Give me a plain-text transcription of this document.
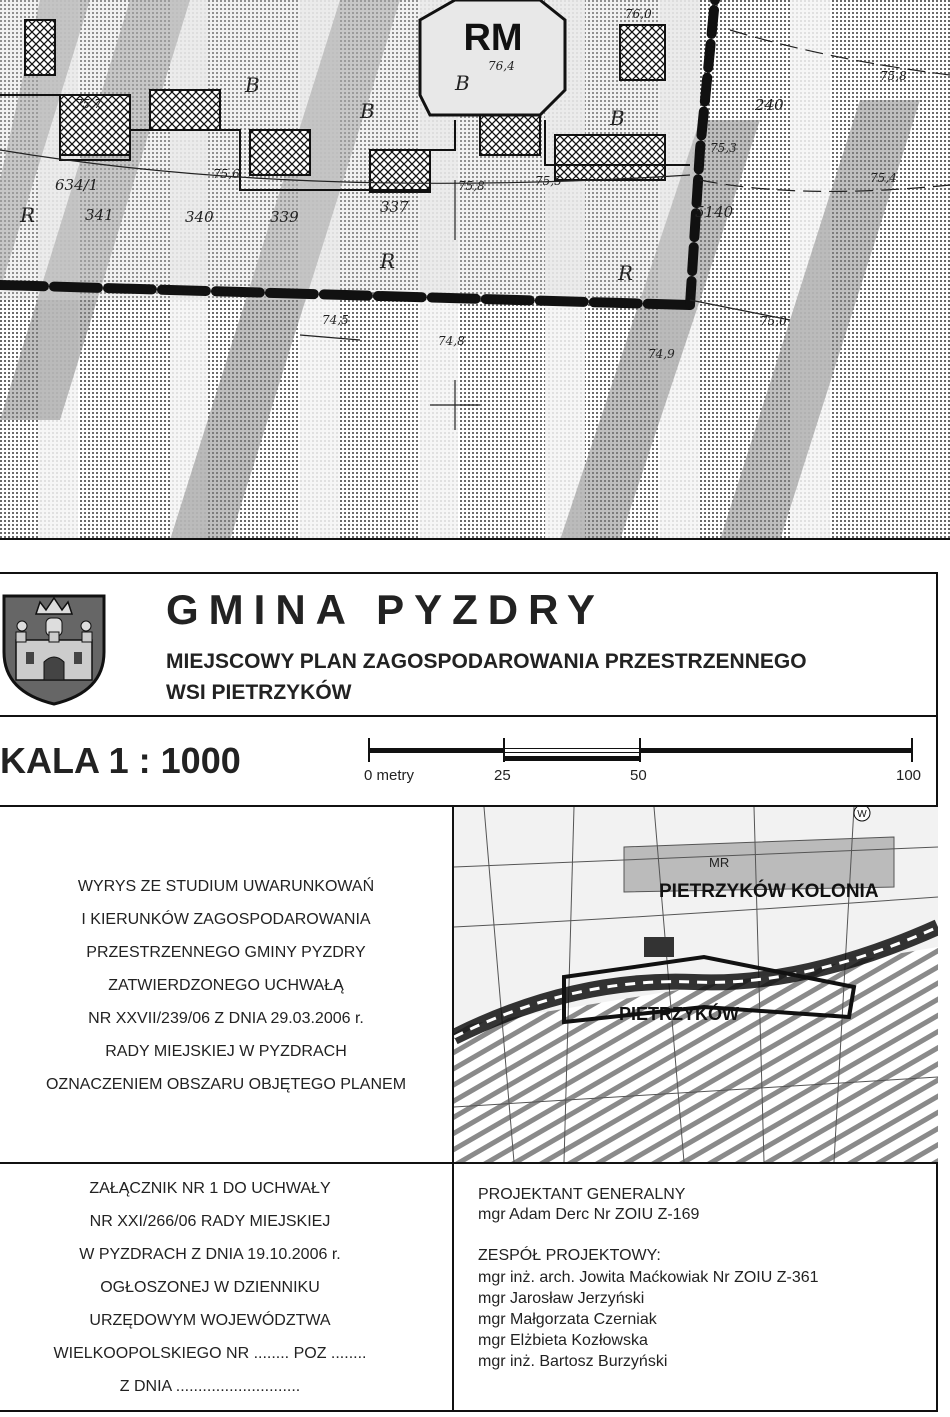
RM
B
B	B
B
R
R	R
240
341	340	339
337	5140
634/1
76,0
75,8
75,6	75,5
75,3
75,4
75,0
74,9
74,8
74,5
75,7
76,4
75,8
GMINA PYZDRY
MIEJSCOWY PLAN ZAGOSPODAROWANIA PRZESTRZENNEGO
WSI PIETRZYKÓW
KALA 1 : 1000	0 metry	25	50	100
WYRYS ZE STUDIUM UWARUNKOWAŃ
I KIERUNKÓW ZAGOSPODAROWANIA
PRZESTRZENNEGO GMINY PYZDRY
ZATWIERDZONEGO UCHWAŁĄ
NR XXVII/239/06 Z DNIA 29.03.2006 r.
RADY MIEJSKIEJ W PYZDRACH
OZNACZENIEM OBSZARU OBJĘTEGO PLANEM
W
MR
PIETRZYKÓW KOLONIA
PIETRZYKÓW
ZAŁĄCZNIK NR 1 DO UCHWAŁY
NR XXI/266/06 RADY MIEJSKIEJ
W PYZDRACH Z DNIA 19.10.2006 r.
OGŁOSZONEJ W DZIENNIKU
URZĘDOWYM WOJEWÓDZTWA
WIELKOOPOLSKIEGO NR ........ POZ ........
Z DNIA ............................
PROJEKTANT GENERALNY
mgr Adam Derc Nr ZOIU Z-169
ZESPÓŁ PROJEKTOWY:
mgr inż. arch. Jowita Maćkowiak Nr ZOIU Z-361
mgr Jarosław Jerzyński
mgr Małgorzata Czerniak
mgr Elżbieta Kozłowska
mgr inż. Bartosz Burzyński
